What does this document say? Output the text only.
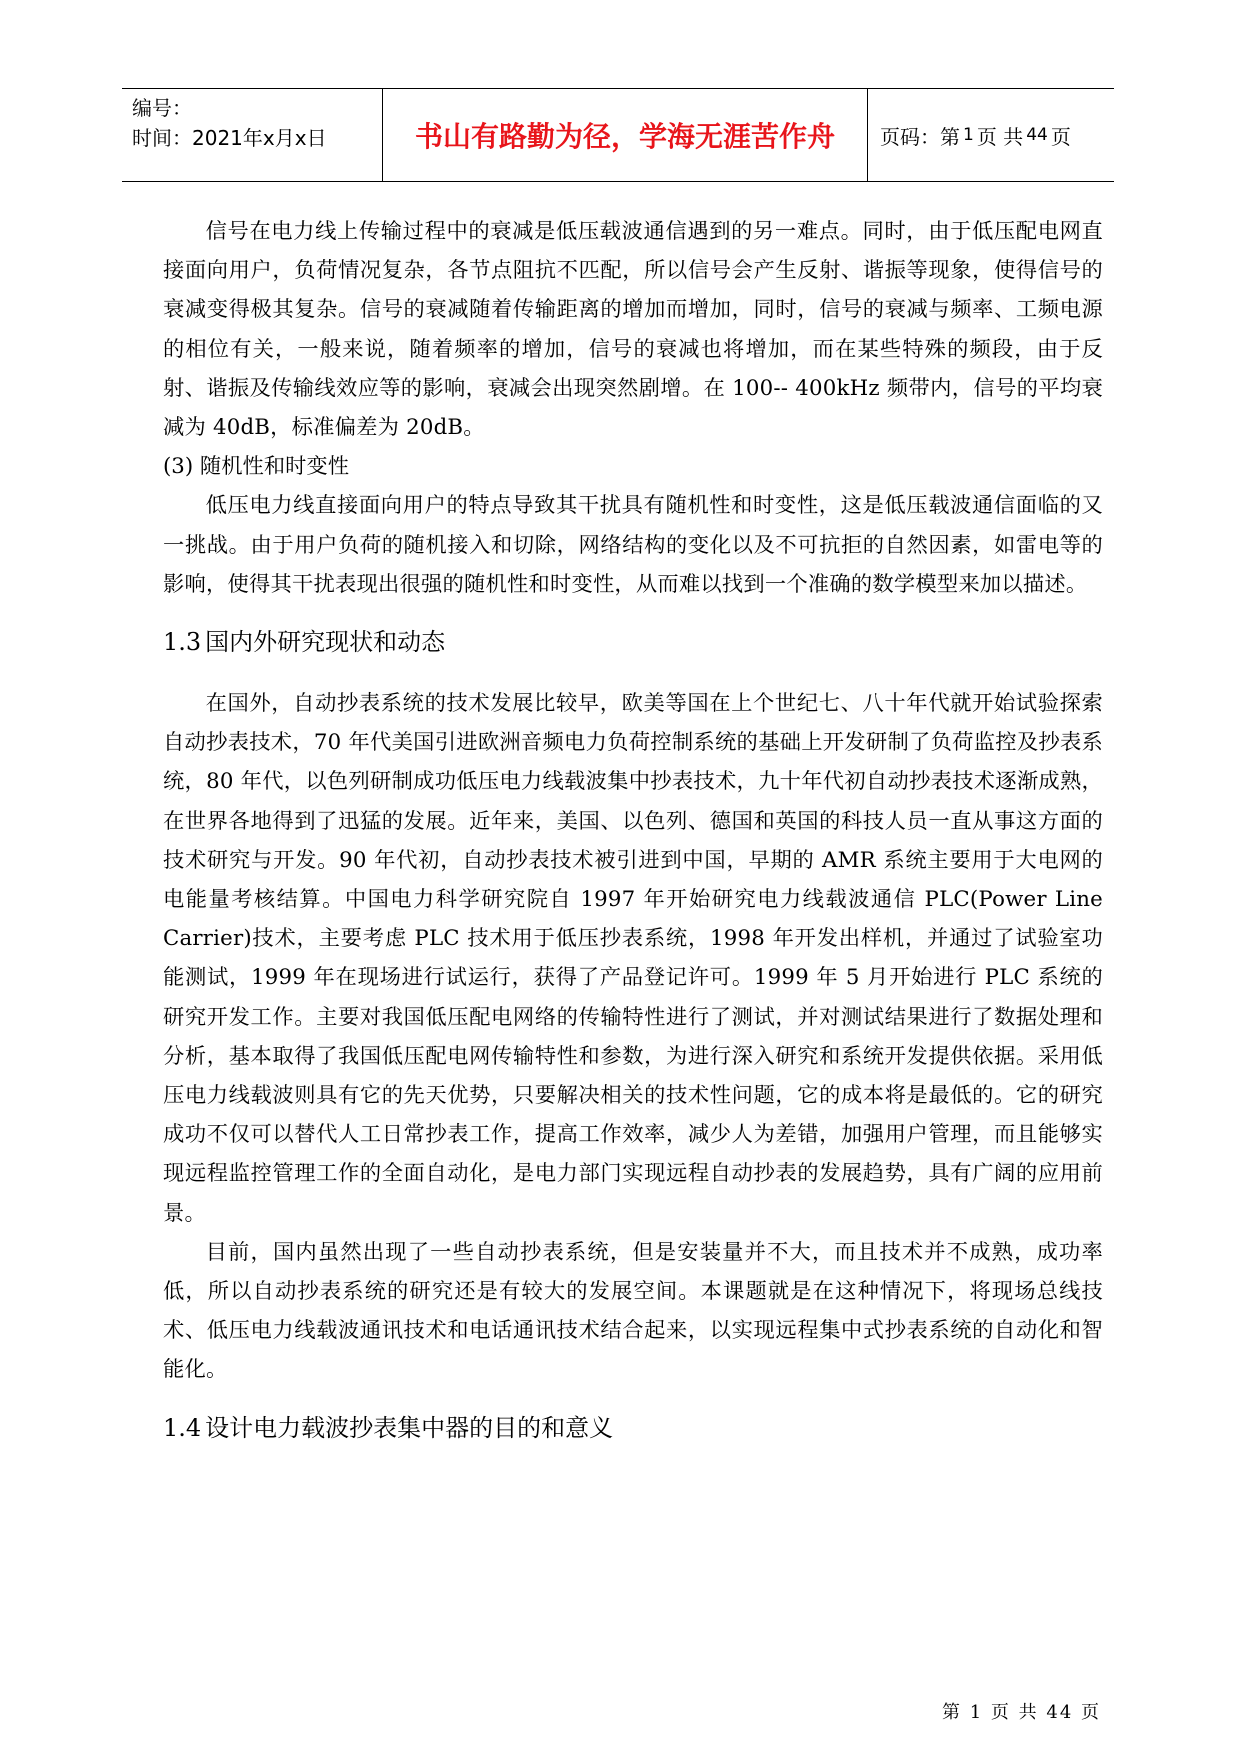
编号：
时间：2021年x月x日	书山有路勤为径，学海无涯苦作舟 页码：第 1 页 共 44 页

信号在电力线上传输过程中的衰减是低压载波通信遇到的另一难点。同时，由于低压配电网直接面向用户，负荷情况复杂，各节点阻抗不匹配，所以信号会产生反射、谐振等现象，使得信号的衰减变得极其复杂。信号的衰减随着传输距离的增加而增加，同时，信号的衰减与频率、工频电源的相位有关，一般来说，随着频率的增加，信号的衰减也将增加，而在某些特殊的频段，由于反射、谐振及传输线效应等的影响，衰减会出现突然剧增。在 100-- 400kHz 频带内，信号的平均衰减为 40dB，标准偏差为 20dB。

(3) 随机性和时变性

低压电力线直接面向用户的特点导致其干扰具有随机性和时变性，这是低压载波通信面临的又一挑战。由于用户负荷的随机接入和切除，网络结构的变化以及不可抗拒的自然因素，如雷电等的影响，使得其干扰表现出很强的随机性和时变性，从而难以找到一个准确的数学模型来加以描述。

1.3 国内外研究现状和动态

在国外，自动抄表系统的技术发展比较早，欧美等国在上个世纪七、八十年代就开始试验探索自动抄表技术，70 年代美国引进欧洲音频电力负荷控制系统的基础上开发研制了负荷监控及抄表系统，80 年代，以色列研制成功低压电力线载波集中抄表技术，九十年代初自动抄表技术逐渐成熟，在世界各地得到了迅猛的发展。近年来，美国、以色列、德国和英国的科技人员一直从事这方面的技术研究与开发。90 年代初，自动抄表技术被引进到中国，早期的 AMR 系统主要用于大电网的电能量考核结算。中国电力科学研究院自 1997 年开始研究电力线载波通信 PLC(Power Line Carrier)技术，主要考虑 PLC 技术用于低压抄表系统，1998 年开发出样机，并通过了试验室功能测试，1999 年在现场进行试运行，获得了产品登记许可。1999 年 5 月开始进行 PLC 系统的研究开发工作。主要对我国低压配电网络的传输特性进行了测试，并对测试结果进行了数据处理和分析，基本取得了我国低压配电网传输特性和参数，为进行深入研究和系统开发提供依据。采用低压电力线载波则具有它的先天优势，只要解决相关的技术性问题，它的成本将是最低的。它的研究成功不仅可以替代人工日常抄表工作，提高工作效率，减少人为差错，加强用户管理，而且能够实现远程监控管理工作的全面自动化，是电力部门实现远程自动抄表的发展趋势，具有广阔的应用前景。

目前，国内虽然出现了一些自动抄表系统，但是安装量并不大，而且技术并不成熟，成功率低，所以自动抄表系统的研究还是有较大的发展空间。本课题就是在这种情况下，将现场总线技术、低压电力线载波通讯技术和电话通讯技术结合起来，以实现远程集中式抄表系统的自动化和智能化。

1.4 设计电力载波抄表集中器的目的和意义
第 1 页 共 44 页
